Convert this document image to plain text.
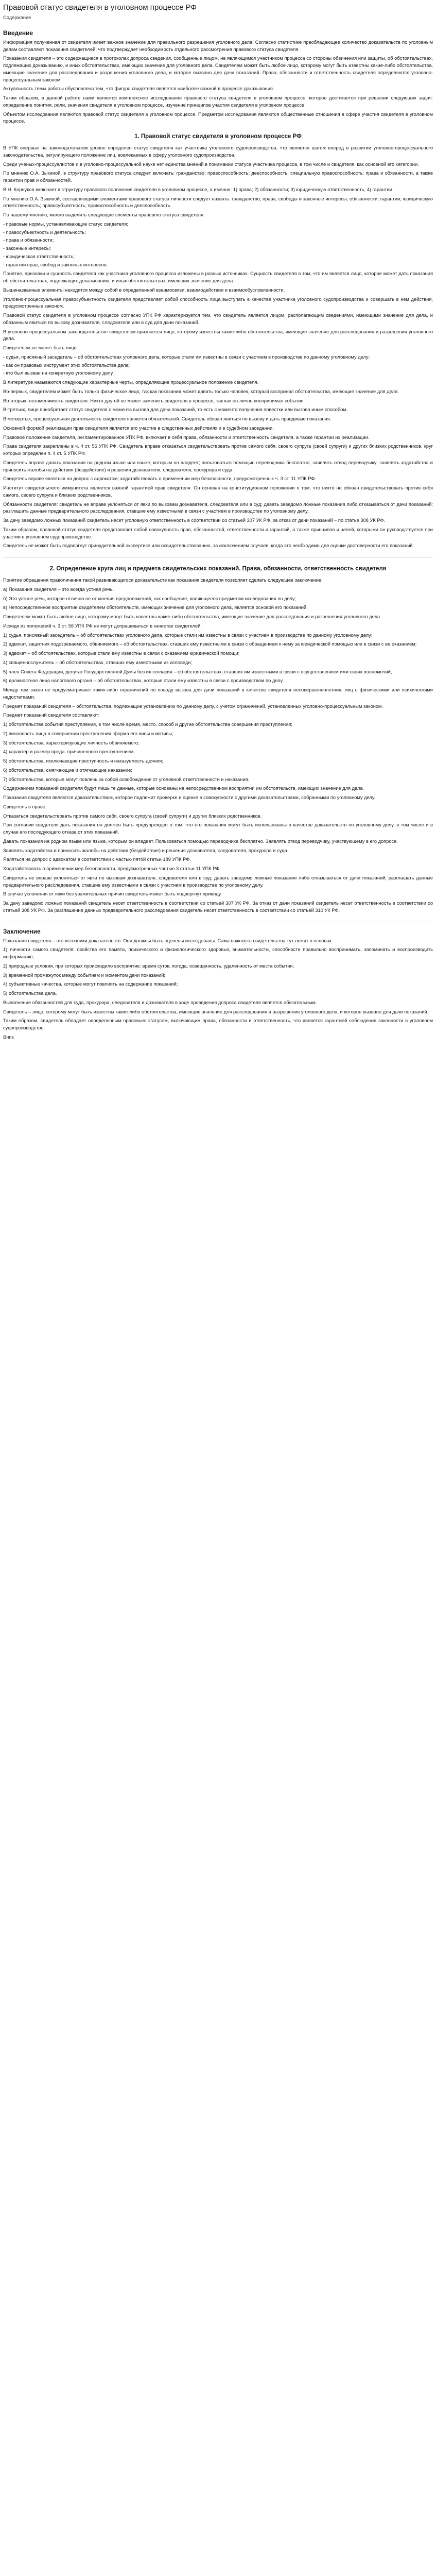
Правовой статус свидетеля в уголовном процессе РФ
Содержание
Введение

Информация полученная от свидетеля имеет важное значение для правильного разрешения уголовного дела. Согласно статистике преобладающее количество доказательств по уголовным делам составляют показания свидетелей, что подтверждает необходимость отдельного рассмотрения правового статуса свидетеля.

Показания свидетеля – это содержащиеся в протоколах допроса сведения, сообщенные лицом, не являющимся участником процесса со стороны обвинения или защиты, об обстоятельствах, подлежащих доказыванию, и иных обстоятельствах, имеющих значение для уголовного дела. Свидетелем может быть любое лицо, которому могут быть известны какие-либо обстоятельства, имеющие значение для расследования и разрешения уголовного дела, и которое вызвано для дачи показаний. Права, обязанности и ответственность свидетеля определяются уголовно-процессуальным законом.

Актуальность темы работы обусловлена тем, что фигура свидетеля является наиболее важной в процессе доказывания.

Таким образом, в данной работе нами является комплексное исследование правового статуса свидетеля в уголовном процессе, которое достигается при решении следующих задач: определение понятия, роли, значения свидетеля в уголовном процессе, изучение принципов участия свидетеля в уголовном процессе.

Объектом исследования являются правовой статус свидетеля в уголовном процессе. Предметом исследования являются общественные отношения в сфере участия свидетеля в уголовном процессе.

1. Правовой статус свидетеля в уголовном процессе РФ

В УПК впервые на законодательном уровне определен статус свидетеля как участника уголовного судопроизводства, что является шагом вперед в развитии уголовно-процессуального законодательства, регулирующего положение лиц, вовлекаемых в сферу уголовного судопроизводства.

Среди ученых-процессуалистов и в уголовно-процессуальной науке нет единства мнений в понимании статуса участника процесса, в том числе и свидетеля, как основной его категории.

По мнению О.А. Зыкиной, в структуру правового статуса следует включать: гражданство; правоспособность; дееспособность; специальную правоспособность; права и обязанности, а также гарантии прав и обязанностей.

В.Н. Корнуков включает в структуру правового положения свидетеля в уголовном процессе, а именно: 1) права; 2) обязанности; 3) юридическую ответственность; 4) гарантии.

По мнению О.А. Зыкиной, составляющими элементами правового статуса личности следует назвать: гражданство; права, свободы и законные интересы; обязанности; гарантии; юридическую ответственность; правосубъектность; правоспособность и дееспособность.

По нашему мнению, можно выделить следующие элементы правового статуса свидетеля:

- правовые нормы, устанавливающие статус свидетеля;
- правосубъектность и деятельность;
- права и обязанности;
- законные интересы;
- юридическая ответственность;
- гарантии прав, свобод и законных интересов.

Понятие, признаки и сущность свидетеля как участника уголовного процесса изложены в разных источниках. Сущность свидетеля в том, что им является лицо, которое может дать показания об обстоятельствах, подлежащих доказыванию, и иных обстоятельствах, имеющих значение для дела.

Вышеназванные элементы находятся между собой в определенной взаимосвязи, взаимодействии и взаимообусловленности.

Уголовно-процессуальная правосубъектность свидетеля представляет собой способность лица выступать в качестве участника уголовного судопроизводства и совершать в нем действия, предусмотренные законом.

Правовой статус свидетеля в уголовном процессе согласно УПК РФ характеризуется тем, что свидетель является лицом, располагающим сведениями, имеющими значение для дела, и обязанным явиться по вызову дознавателя, следователя или в суд для дачи показаний.

В уголовно-процессуальном законодательстве свидетелем признается лицо, которому известны какие-либо обстоятельства, имеющие значение для расследования и разрешения уголовного дела.

Свидетелем не может быть лицо:

- судья, присяжный заседатель – об обстоятельствах уголовного дела, которые стали им известны в связи с участием в производстве по данному уголовному делу;
- как он правовых инструмент этих обстоятельства дела;
- кто был вызван на конкретную уголовному делу.

В литературе называются следующие характерные черты, определяющие процессуальное положение свидетеля.

Во-первых, свидетелем может быть только физическое лицо, так как показания может давать только человек, который воспринял обстоятельства, имеющие значение для дела.

Во-вторых, незаменимость свидетеля. Никто другой не может заменить свидетеля в процессе, так как он лично воспринимал события.

В-третьих, лицо приобретает статус свидетеля с момента вызова для дачи показаний, то есть с момента получения повестки или вызова иным способом.

В-четвертых, процессуальная деятельность свидетеля является обязательной. Свидетель обязан явиться по вызову и дать правдивые показания.

Основной формой реализации прав свидетеля является его участие в следственных действиях и в судебном заседании.

Правовое положение свидетеля, регламентированное УПК РФ, включает в себя права, обязанности и ответственность свидетеля, а также гарантии их реализации.

Права свидетеля закреплены в ч. 4 ст. 56 УПК РФ. Свидетель вправе отказаться свидетельствовать против самого себя, своего супруга (своей супруги) и других близких родственников, круг которых определен п. 4 ст. 5 УПК РФ.

Свидетель вправе давать показания на родном языке или языке, которым он владеет; пользоваться помощью переводчика бесплатно; заявлять отвод переводчику; заявлять ходатайства и приносить жалобы на действия (бездействие) и решения дознавателя, следователя, прокурора и суда.

Свидетель вправе являться на допрос с адвокатом; ходатайствовать о применении мер безопасности, предусмотренных ч. 3 ст. 11 УПК РФ.

Институт свидетельского иммунитета является важной гарантией прав свидетеля. Он основан на конституционном положении о том, что никто не обязан свидетельствовать против себя самого, своего супруга и близких родственников.

Обязанности свидетеля: свидетель не вправе уклоняться от явки по вызовам дознавателя, следователя или в суд; давать заведомо ложные показания либо отказываться от дачи показаний; разглашать данные предварительного расследования, ставшие ему известными в связи с участием в производстве по уголовному делу.

За дачу заведомо ложных показаний свидетель несет уголовную ответственность в соответствии со статьей 307 УК РФ, за отказ от дачи показаний – по статье 308 УК РФ.

Таким образом, правовой статус свидетеля представляет собой совокупность прав, обязанностей, ответственности и гарантий, а также принципов и целей, которыми он руководствуется при участии в уголовном судопроизводстве.

Свидетель не может быть подвергнут принудительной экспертизе или освидетельствованию, за исключением случаев, когда это необходимо для оценки достоверности его показаний.

2. Определение круга лиц и предмета свидетельских показаний. Права, обязанности, ответственность свидетеля

Понятие обращения праволичения такой развивающегося доказательств как показания свидетеля позволяет сделать следующее заключение:

а) Показания свидетеля – это всегда устная речь.

б) Это устное речь, которое отлично не от мнения предположений, как сообщение, являющееся предметом исследования по делу;

в) Непосредственное восприятие свидетелем обстоятельств, имеющих значение для уголовного дела, является основой его показаний.

Свидетелем может быть любое лицо, которому могут быть известны какие-либо обстоятельства, имеющие значение для расследования и разрешения уголовного дела.

Исходя из положений ч. 3 ст. 56 УПК РФ не могут допрашиваться в качестве свидетелей:

1) судья, присяжный заседатель – об обстоятельствах уголовного дела, которые стали им известны в связи с участием в производстве по данному уголовному делу;

2) адвокат, защитник подозреваемого, обвиняемого – об обстоятельствах, ставших ему известными в связи с обращением к нему за юридической помощью или в связи с ее оказанием;

3) адвокат – об обстоятельствах, которые стали ему известны в связи с оказанием юридической помощи;

4) священнослужитель – об обстоятельствах, ставших ему известными из исповеди;

5) член Совета Федерации, депутат Государственной Думы без их согласия – об обстоятельствах, ставших им известными в связи с осуществлением ими своих полномочий;

6) должностное лицо налогового органа – об обстоятельствах, которые стали ему известны в связи с производством по делу.

Между тем закон не предусматривает каких-либо ограничений по поводу вызова для дачи показаний в качестве свидетеля несовершеннолетних, лиц с физическими или психическими недостатками.

Предмет показаний свидетеля – обстоятельства, подлежащие установлению по данному делу, с учетом ограничений, установленных уголовно-процессуальным законом.

Предмет показаний свидетеля составляют:

1) обстоятельства события преступления, в том числе время, место, способ и другие обстоятельства совершения преступления;

2) виновность лица в совершении преступления, форма его вины и мотивы;

3) обстоятельства, характеризующие личность обвиняемого;

4) характер и размер вреда, причиненного преступлением;

5) обстоятельства, исключающие преступность и наказуемость деяния;

6) обстоятельства, смягчающие и отягчающие наказание;

7) обстоятельства, которые могут повлечь за собой освобождение от уголовной ответственности и наказания.

Содержанием показаний свидетеля будут лишь те данные, которые основаны на непосредственном восприятии им обстоятельств, имеющих значение для дела.

Показания свидетеля являются доказательством, которое подлежит проверке и оценке в совокупности с другими доказательствами, собранными по уголовному делу.

Свидетель в праве:

Отказаться свидетельствовать против самого себя, своего супруга (своей супруги) и других близких родственников.

При согласии свидетеля дать показания он должен быть предупрежден о том, что его показания могут быть использованы в качестве доказательств по уголовному делу, в том числе и в случае его последующего отказа от этих показаний.

Давать показания на родном языке или языке, которым он владеет. Пользоваться помощью переводчика бесплатно. Заявлять отвод переводчику, участвующему в его допросе.

Заявлять ходатайства и приносить жалобы на действия (бездействие) и решения дознавателя, следователя, прокурора и суда.

Являться на допрос с адвокатом в соответствии с частью пятой статьи 189 УПК РФ.

Ходатайствовать о применении мер безопасности, предусмотренных частью 3 статьи 11 УПК РФ.

Свидетель не вправе уклоняться от явки по вызовам дознавателя, следователя или в суд; давать заведомо ложные показания либо отказываться от дачи показаний; разглашать данные предварительного расследования, ставшие ему известными в связи с участием в производстве по уголовному делу.

В случае уклонения от явки без уважительных причин свидетель может быть подвергнут приводу.

За дачу заведомо ложных показаний свидетель несет ответственность в соответствии со статьей 307 УК РФ. За отказ от дачи показаний свидетель несет ответственность в соответствии со статьей 308 УК РФ. За разглашение данных предварительного расследования свидетель несет ответственность в соответствии со статьей 310 УК РФ.

Заключение

Показания свидетеля – это источники доказательств. Они должны быть оценены исследованы. Сама важность свидетельства тут лежит в основах:

1) личности самого свидетеля: свойства его памяти, психического и физиологического здоровья, внимательности, способности правильно воспринимать, запоминать и воспроизводить информацию;

2) природные условия, при которых происходило восприятие: время суток, погода, освещенность, удаленность от места события;

3) временной промежуток между событием и моментом дачи показаний;

4) субъективные качества, которые могут повлиять на содержание показаний;

5) обстоятельства дела.

Выполнение обязанностей для суда, прокурора, следователя и дознавателя в ходе проведения допроса свидетеля является обязательным.

Свидетель – лицо, которому могут быть известны какие-либо обстоятельства, имеющие значение для расследования и разрешения уголовного дела, и которое вызвано для дачи показаний.

Таким образом, свидетель обладает определенным правовым статусом, включающим права, обязанности и ответственность, что является гарантией соблюдения законности в уголовном судопроизводстве.

Вниз
